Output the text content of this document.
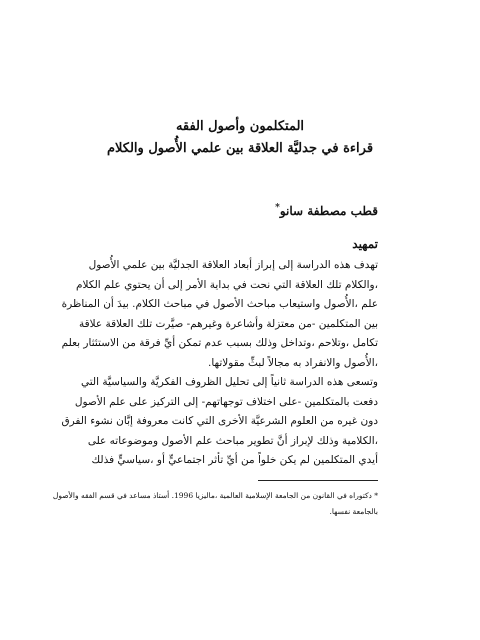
المتكلمون وأصول الفقه
قراءة في جدليَّة العلاقة بين علمي الأُصول والكلام
قطب مصطفة سانو*
تمهيد
تهدف هذه الدراسة إلى إبراز أبعاد العلاقة الجدليَّة بين علمي الأُصول
،والكلام تلك العلاقة التي نحت في بداية الأمر إلى أن يحتوي علم الكلام
علم ،الأُصول واستيعاب مباحث الأصول في مباحث الكلام. بيدَ أن المناظرة
بين المتكلمين -من معتزلة وأشاعرة وغيرهم- صيَّرت تلك العلاقة علاقة
تكامل ،وتلاحم ،وتداخل وذلك بسبب عدم تمكن أيِّ فرقة من الاستئثار بعلم
،الأُصول والانفراد به مجالاً لبثِّ مقولاتها.
وتسعى هذه الدراسة ثانياً إلى تحليل الظروف الفكريَّة والسياسيَّة التي
دفعت بالمتكلمين -على اختلاف توجهاتهم- إلى التركيز على علم الأصول
دون غيره من العلوم الشرعيَّة الأخرى التي كانت معروفة إبَّان نشوء الفرق
،الكلامية وذلك لإبراز أنَّ تطوير مباحث علم الأصول وموضوعاته على
أيدي المتكلمين لم يكن خلواً من أيِّ تأثر اجتماعيٍّ أو ،سياسيٍّ فذلك
* دكتوراه في القانون من الجامعة الإسلامية العالمية ،ماليزيا 1996. أستاذ مساعد في قسم الفقه والأصول
بالجامعة نفسها.
